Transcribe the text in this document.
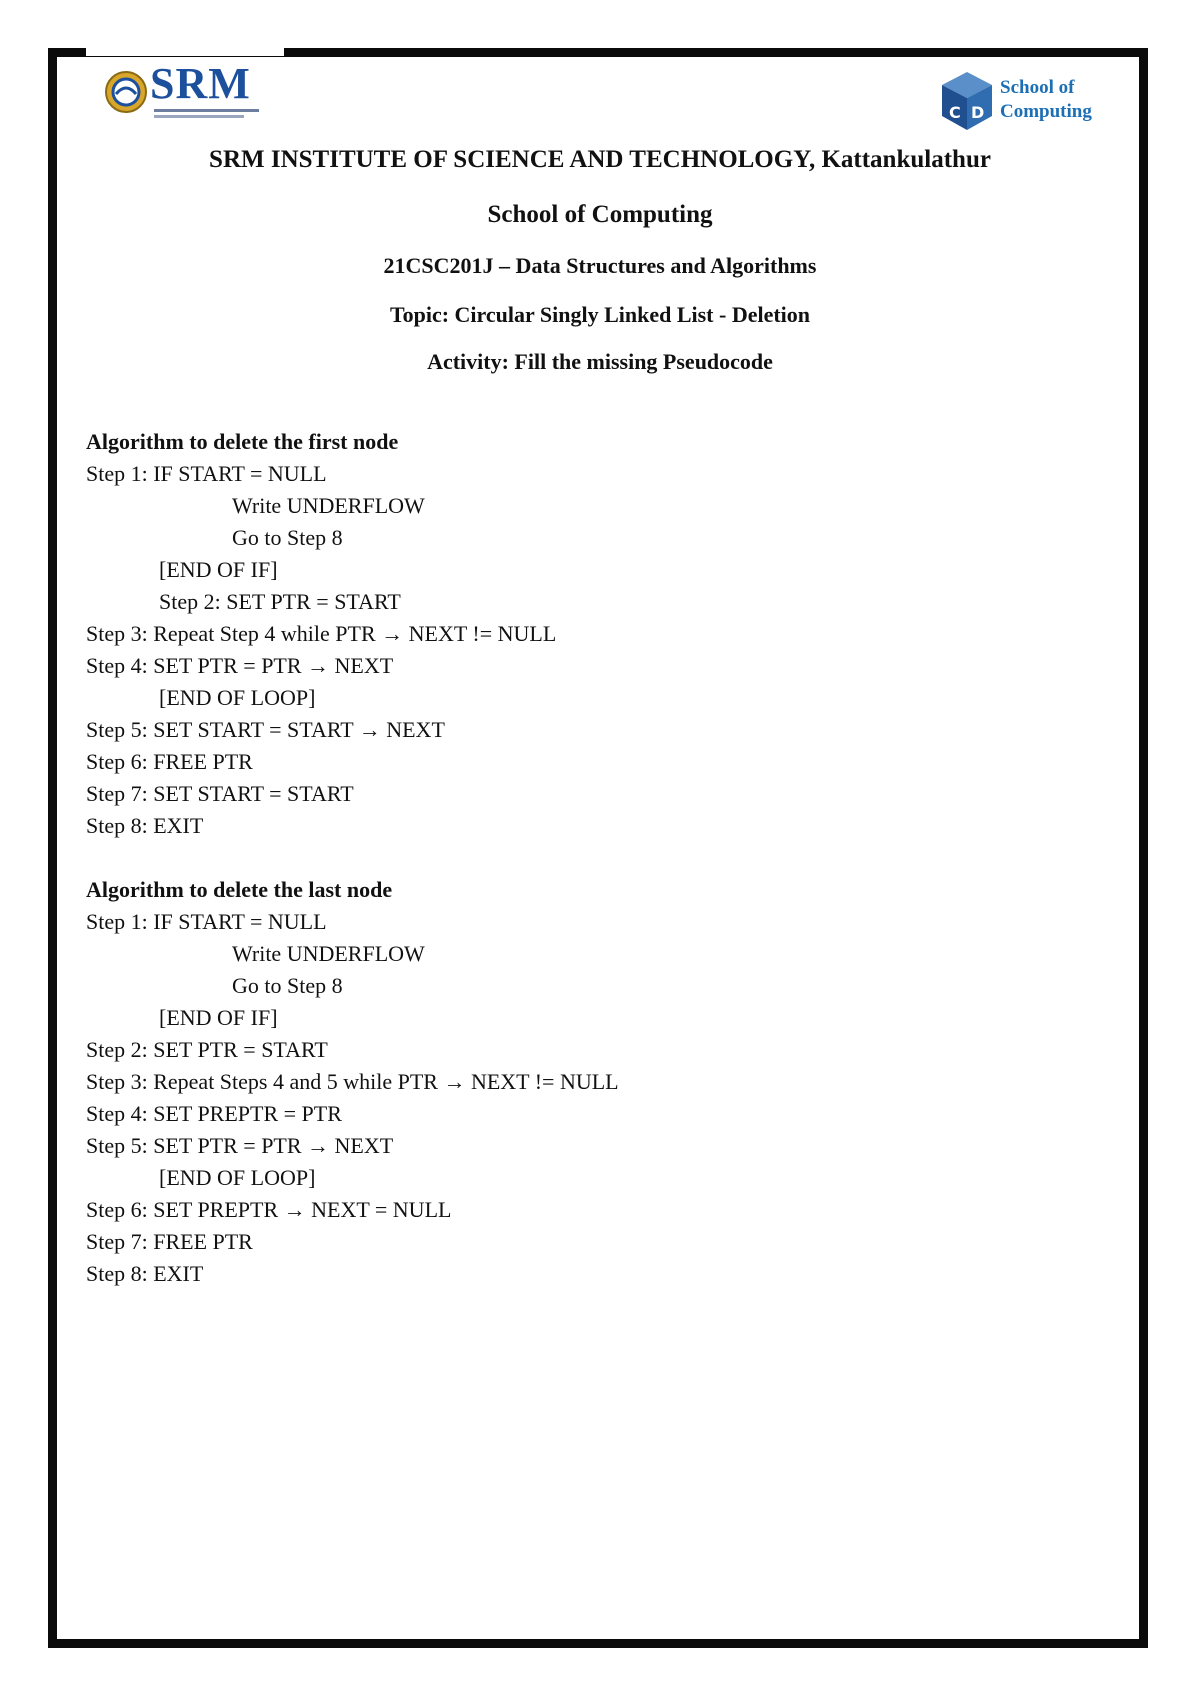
SRM
C D
School of
Computing
SRM INSTITUTE OF SCIENCE AND TECHNOLOGY, Kattankulathur
School of Computing
21CSC201J – Data Structures and Algorithms
Topic: Circular Singly Linked List - Deletion
Activity: Fill the missing Pseudocode
Algorithm to delete the first node
Step 1: IF START = NULL
Write UNDERFLOW
Go to Step 8
[END OF IF]
Step 2: SET PTR = START
Step 3: Repeat Step 4 while PTR → NEXT != NULL
Step 4: SET PTR = PTR → NEXT
[END OF LOOP]
Step 5: SET START = START → NEXT
Step 6: FREE PTR
Step 7: SET START = START
Step 8: EXIT
Algorithm to delete the last node
Step 1: IF START = NULL
Write UNDERFLOW
Go to Step 8
[END OF IF]
Step 2: SET PTR = START
Step 3: Repeat Steps 4 and 5 while PTR → NEXT != NULL
Step 4: SET PREPTR = PTR
Step 5: SET PTR = PTR → NEXT
[END OF LOOP]
Step 6: SET PREPTR → NEXT = NULL
Step 7: FREE PTR
Step 8: EXIT
